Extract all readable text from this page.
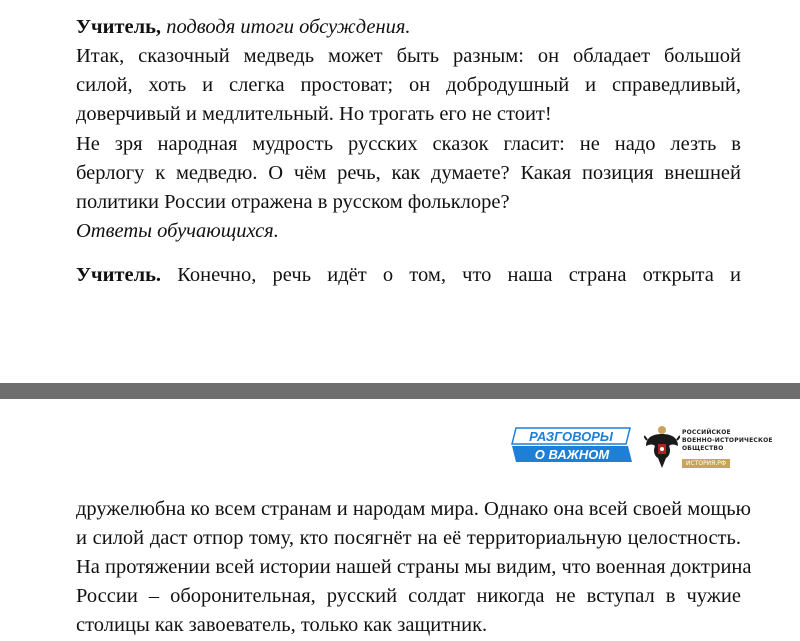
Учитель, подводя итоги обсуждения.

Итак, сказочный медведь может быть разным: он обладает большой

силой, хоть и слегка простоват; он добродушный и справедливый,

доверчивый и медлительный. Но трогать его не стоит!

Не зря народная мудрость русских сказок гласит: не надо лезть в

берлогу к медведю. О чём речь, как думаете? Какая позиция внешней

политики России отражена в русском фольклоре?

Ответы обучающихся.

Учитель. Конечно, речь идёт о том, что наша страна открыта и

РАЗГОВОРЫ
О ВАЖНОМ
РОССИЙСКОЕ
ВОЕННО-ИСТОРИЧЕСКОЕ
ОБЩЕСТВО
ИСТОРИЯ.РФ

дружелюбна ко всем странам и народам мира. Однако она всей своей мощью

и силой даст отпор тому, кто посягнёт на её территориальную целостность.

На протяжении всей истории нашей страны мы видим, что военная доктрина

России – оборонительная, русский солдат никогда не вступал в чужие

столицы как завоеватель, только как защитник.
